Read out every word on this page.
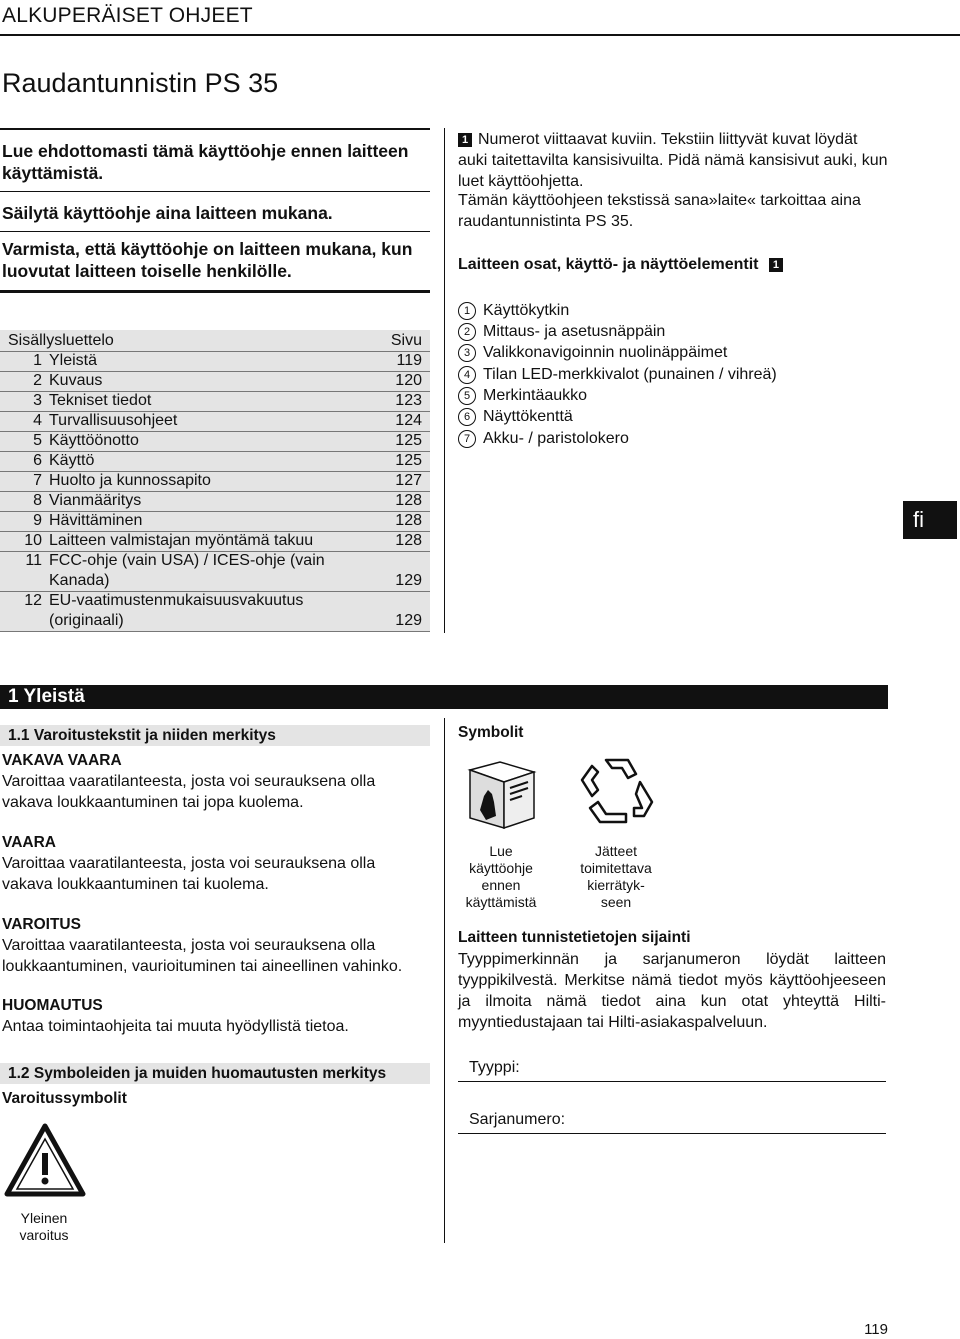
ALKUPERÄISET OHJEET
Raudantunnistin PS 35
Lue ehdottomasti tämä käyttöohje ennen laitteen käyttämistä.
Säilytä käyttöohje aina laitteen mukana.
Varmista, että käyttöohje on laitteen mukana, kun luovutat laitteen toiselle henkilölle.
Sisällysluettelo	Sivu
1 Yleistä	119
2 Kuvaus	120
3 Tekniset tiedot	123
4 Turvallisuusohjeet	124
5 Käyttöönotto	125
6 Käyttö	125
7 Huolto ja kunnossapito	127
8 Vianmääritys	128
9 Hävittäminen	128
10 Laitteen valmistajan myöntämä takuu	128
11 FCC-ohje (vain USA) / ICES-ohje (vain
Kanada)	129
12 EU-vaatimustenmukaisuusvakuutus
(originaali)	129
1 Numerot viittaavat kuviin. Tekstiin liittyvät kuvat löydät auki taitettavilta kansisivuilta. Pidä nämä kansisivut auki, kun luet käyttöohjetta.
Tämän käyttöohjeen tekstissä sana»laite« tarkoittaa aina raudantunnistinta PS 35.
Laitteen osat, käyttö- ja näyttöelementit 1
1 Käyttökytkin
2 Mittaus- ja asetusnäppäin
3 Valikkonavigoinnin nuolinäppäimet
4 Tilan LED-merkkivalot (punainen / vihreä)
5 Merkintäaukko
6 Näyttökenttä
7 Akku- / paristolokero
fi
1 Yleistä
1.1 Varoitustekstit ja niiden merkitys
VAKAVA VAARA
Varoittaa vaaratilanteesta, josta voi seurauksena olla vakava loukkaantuminen tai jopa kuolema.
VAARA
Varoittaa vaaratilanteesta, josta voi seurauksena olla vakava loukkaantuminen tai kuolema.
VAROITUS
Varoittaa vaaratilanteesta, josta voi seurauksena olla loukkaantuminen, vaurioituminen tai aineellinen vahinko.
HUOMAUTUS
Antaa toimintaohjeita tai muuta hyödyllistä tietoa.
1.2 Symboleiden ja muiden huomautusten merkitys
Varoitussymbolit
Yleinen
varoitus
Symbolit
Lue
käyttöohje
ennen
käyttämistä
Jätteet
toimitettava
kierrätyk-
seen
Laitteen tunnistetietojen sijainti
Tyyppimerkinnän ja sarjanumeron löydät laitteen tyyppikilvestä. Merkitse nämä tiedot myös käyttöohjeeseen ja ilmoita nämä tiedot aina kun otat yhteyttä Hilti-myyntiedustajaan tai Hilti-asiakaspalveluun.
Tyyppi:
Sarjanumero:
119
